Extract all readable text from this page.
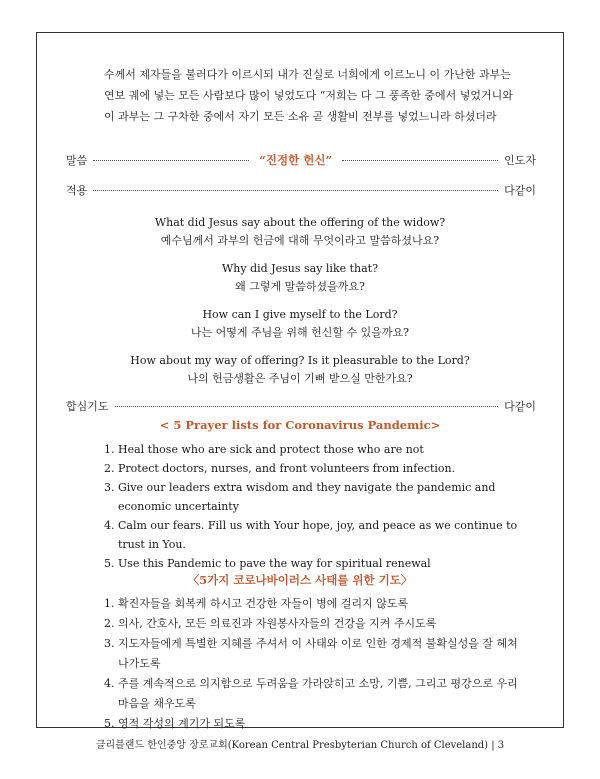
수께서 제자들을 불러다가 이르시되 내가 진실로 너희에게 이르노니 이 가난한 과부는 연보 궤에 넣는 모든 사람보다 많이 넣었도다 “저희는 다 그 풍족한 중에서 넣었거니와 이 과부는 그 구차한 중에서 자기 모든 소유 곧 생활비 전부를 넣었느니라 하셨더라
말씀	“진정한 헌신”	인도자
적용	다같이
What did Jesus say about the offering of the widow?
예수님께서 과부의 헌금에 대해 무엇이라고 말씀하셨나요?
Why did Jesus say like that?
왜 그렇게 말씀하셨을까요?
How can I give myself to the Lord?
나는 어떻게 주님을 위해 헌신할 수 있을까요?
How about my way of offering? Is it pleasurable to the Lord?
나의 헌금생활은 주님이 기뻐 받으실 만한가요?
합심기도	다같이
< 5 Prayer lists for Coronavirus Pandemic>
1. Heal those who are sick and protect those who are not
2. Protect doctors, nurses, and front volunteers from infection.
3. Give our leaders extra wisdom and they navigate the pandemic and economic uncertainty
4. Calm our fears. Fill us with Your hope, joy, and peace as we continue to trust in You.
5. Use this Pandemic to pave the way for spiritual renewal
〈5가지 코로나바이러스 사태를 위한 기도〉
1. 확진자들을 회복케 하시고 건강한 자들이 병에 걸리지 않도록
2. 의사, 간호사, 모든 의료진과 자원봉사자들의 건강을 지켜 주시도록
3. 지도자들에게 특별한 지혜를 주셔서 이 사태와 이로 인한 경제적 불확실성을 잘 헤쳐나가도록
4. 주를 계속적으로 의지함으로 두려움을 가라앉히고 소망, 기쁨, 그리고 평강으로 우리 마음을 채우도록
5. 영적 각성의 계기가 되도록
클리블랜드 한인중앙 장로교회(Korean Central Presbyterian Church of Cleveland) | 3
